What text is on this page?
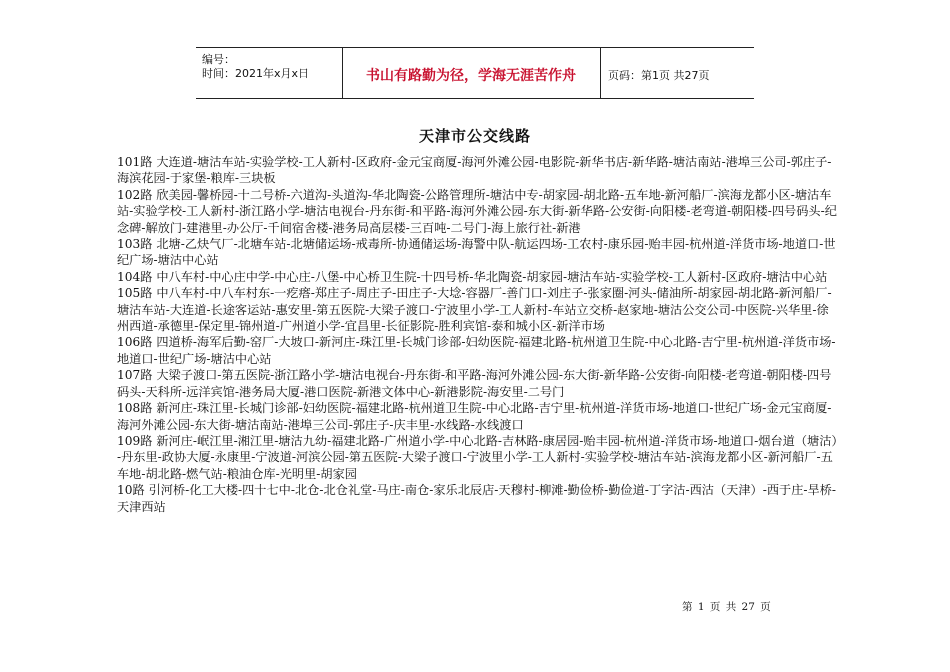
编号：
时间：2021年x月x日	书山有路勤为径，学海无涯苦作舟	页码：第1页 共27页
天津市公交线路

101路 大连道-塘沽车站-实验学校-工人新村-区政府-金元宝商厦-海河外滩公园-电影院-新华书店-新华路-塘沽南站-港埠三公司-郭庄子-海滨花园-于家堡-粮库-三块板

102路 欣美园-馨桥园-十二号桥-六道沟-头道沟-华北陶瓷-公路管理所-塘沽中专-胡家园-胡北路-五车地-新河船厂-滨海龙都小区-塘沽车站-实验学校-工人新村-浙江路小学-塘沽电视台-丹东街-和平路-海河外滩公园-东大街-新华路-公安街-向阳楼-老弯道-朝阳楼-四号码头-纪念碑-解放门-建港里-办公厅-千间宿舍楼-港务局高层楼-三百吨-二号门-海上旅行社-新港

103路 北塘-乙炔气厂-北塘车站-北塘储运场-戒毒所-协通储运场-海警中队-航运四场-工农村-康乐园-贻丰园-杭州道-洋货市场-地道口-世纪广场-塘沽中心站

104路 中八车村-中心庄中学-中心庄-八堡-中心桥卫生院-十四号桥-华北陶瓷-胡家园-塘沽车站-实验学校-工人新村-区政府-塘沽中心站

105路 中八车村-中八车村东-一疙瘩-郑庄子-周庄子-田庄子-大埝-容器厂-善门口-刘庄子-张家圈-河头-储油所-胡家园-胡北路-新河船厂-塘沽车站-大连道-长途客运站-惠安里-第五医院-大梁子渡口-宁波里小学-工人新村-车站立交桥-赵家地-塘沽公交公司-中医院-兴华里-徐州西道-承德里-保定里-锦州道-广州道小学-宜昌里-长征影院-胜利宾馆-泰和城小区-新洋市场

106路 四道桥-海军后勤-窑厂-大坡口-新河庄-珠江里-长城门诊部-妇幼医院-福建北路-杭州道卫生院-中心北路-吉宁里-杭州道-洋货市场-地道口-世纪广场-塘沽中心站

107路 大梁子渡口-第五医院-浙江路小学-塘沽电视台-丹东街-和平路-海河外滩公园-东大街-新华路-公安街-向阳楼-老弯道-朝阳楼-四号码头-天科所-远洋宾馆-港务局大厦-港口医院-新港文体中心-新港影院-海安里-二号门

108路 新河庄-珠江里-长城门诊部-妇幼医院-福建北路-杭州道卫生院-中心北路-吉宁里-杭州道-洋货市场-地道口-世纪广场-金元宝商厦-海河外滩公园-东大街-塘沽南站-港埠三公司-郭庄子-庆丰里-水线路-水线渡口

109路 新河庄-岷江里-湘江里-塘沽九幼-福建北路-广州道小学-中心北路-吉林路-康居园-贻丰园-杭州道-洋货市场-地道口-烟台道（塘沽）-丹东里-政协大厦-永康里-宁波道-河滨公园-第五医院-大梁子渡口-宁波里小学-工人新村-实验学校-塘沽车站-滨海龙都小区-新河船厂-五车地-胡北路-燃气站-粮油仓库-光明里-胡家园

10路 引河桥-化工大楼-四十七中-北仓-北仓礼堂-马庄-南仓-家乐北辰店-天穆村-柳滩-勤俭桥-勤俭道-丁字沽-西沽（天津）-西于庄-旱桥-天津西站

第 1 页 共 27 页
